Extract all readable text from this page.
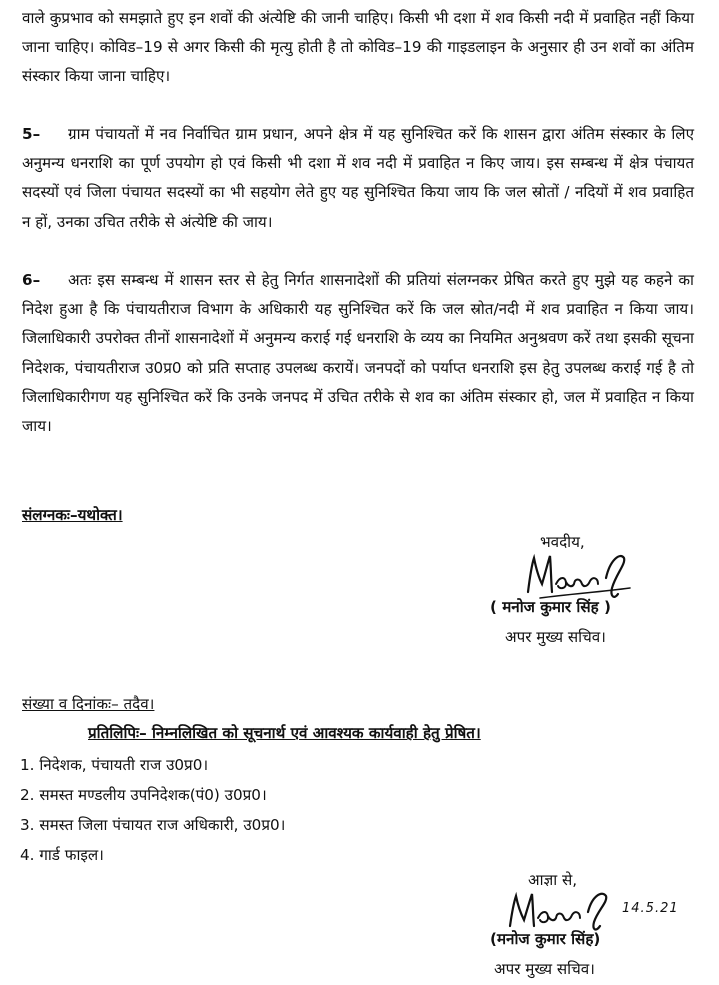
वाले कुप्रभाव को समझाते हुए इन शवों की अंत्येष्टि की जानी चाहिए। किसी भी दशा में शव किसी नदी में प्रवाहित नहीं किया जाना चाहिए। कोविड–19 से अगर किसी की मृत्यु होती है तो कोविड–19 की गाइडलाइन के अनुसार ही उन शवों का अंतिम संस्कार किया जाना चाहिए।

5– ग्राम पंचायतों में नव निर्वाचित ग्राम प्रधान, अपने क्षेत्र में यह सुनिश्चित करें कि शासन द्वारा अंतिम संस्कार के लिए अनुमन्य धनराशि का पूर्ण उपयोग हो एवं किसी भी दशा में शव नदी में प्रवाहित न किए जाय। इस सम्बन्ध में क्षेत्र पंचायत सदस्यों एवं जिला पंचायत सदस्यों का भी सहयोग लेते हुए यह सुनिश्चित किया जाय कि जल स्रोतों / नदियों में शव प्रवाहित न हों, उनका उचित तरीके से अंत्येष्टि की जाय।

6– अतः इस सम्बन्ध में शासन स्तर से हेतु निर्गत शासनादेशों की प्रतियां संलग्नकर प्रेषित करते हुए मुझे यह कहने का निदेश हुआ है कि पंचायतीराज विभाग के अधिकारी यह सुनिश्चित करें कि जल स्रोत/नदी में शव प्रवाहित न किया जाय। जिलाधिकारी उपरोक्त तीनों शासनादेशों में अनुमन्य कराई गई धनराशि के व्यय का नियमित अनुश्रवण करें तथा इसकी सूचना निदेशक, पंचायतीराज उ0प्र0 को प्रति सप्ताह उपलब्ध करायें। जनपदों को पर्याप्त धनराशि इस हेतु उपलब्ध कराई गई है तो जिलाधिकारीगण यह सुनिश्चित करें कि उनके जनपद में उचित तरीके से शव का अंतिम संस्कार हो, जल में प्रवाहित न किया जाय।

संलग्नकः–यथोक्त।
भवदीय,
( मनोज कुमार सिंह )
अपर मुख्य सचिव।
संख्या व दिनांकः– तदैव।
प्रतिलिपिः– निम्नलिखित को सूचनार्थ एवं आवश्यक कार्यवाही हेतु प्रेषित।
1. निदेशक, पंचायती राज उ0प्र0।
2. समस्त मण्डलीय उपनिदेशक(पं0) उ0प्र0।
3. समस्त जिला पंचायत राज अधिकारी, उ0प्र0।
4. गार्ड फाइल।
आज्ञा से,
14.5.21
(मनोज कुमार सिंह)
अपर मुख्य सचिव।
